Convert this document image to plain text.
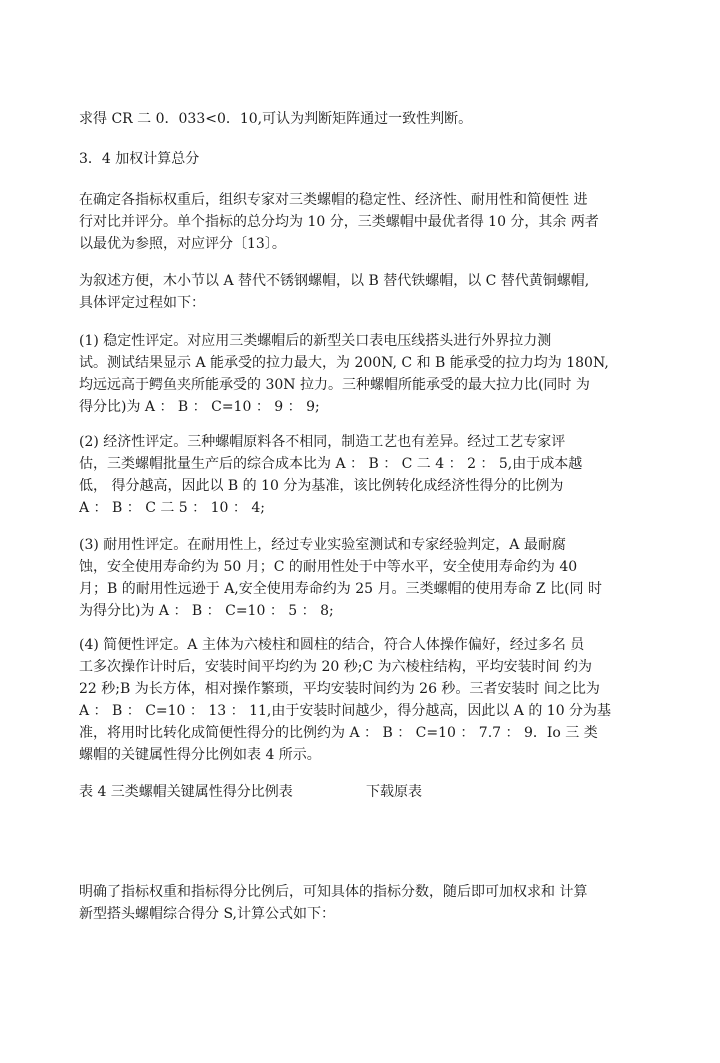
求得 CR 二 0．033<0．10,可认为判断矩阵通过一致性判断。

3．4 加权计算总分

在确定各指标权重后，组织专家对三类螺帽的稳定性、经济性、耐用性和简便性 进
行对比并评分。单个指标的总分均为 10 分，三类螺帽中最优者得 10 分，其余 两者
以最优为参照，对应评分〔13〕。

为叙述方便，木小节以 A 替代不锈钢螺帽，以 B 替代铁螺帽，以 C 替代黄铜螺帽,
具体评定过程如下：

(1) 稳定性评定。对应用三类螺帽后的新型关口表电压线搭头进行外界拉力测
试。测试结果显示 A 能承受的拉力最大，为 200N, C 和 B 能承受的拉力均为 180N,
均远远高于鳄鱼夹所能承受的 30N 拉力。三种螺帽所能承受的最大拉力比(同时 为
得分比)为 A ： B ： C=10 ： 9 ： 9;

(2) 经济性评定。三种螺帽原料各不相同，制造工艺也有差异。经过工艺专家评
估，三类螺帽批量生产后的综合成本比为 A ： B ： C 二 4 ： 2 ： 5,由于成本越
低， 得分越高，因此以 B 的 10 分为基准，该比例转化成经济性得分的比例为
A ： B ： C 二 5 ： 10 ： 4;

(3) 耐用性评定。在耐用性上，经过专业实验室测试和专家经验判定，A 最耐腐
蚀，安全使用寿命约为 50 月；C 的耐用性处于中等水平，安全使用寿命约为 40
月；B 的耐用性远逊于 A,安全使用寿命约为 25 月。三类螺帽的使用寿命 Z 比(同 时
为得分比)为 A ： B ： C=10 ： 5 ： 8;

(4) 简便性评定。A 主体为六棱柱和圆柱的结合，符合人体操作偏好，经过多名 员
工多次操作计时后，安装时间平均约为 20 秒;C 为六棱柱结构，平均安装时间 约为
22 秒;B 为长方体，相对操作繁琐，平均安装时间约为 26 秒。三者安装时 间之比为
A ： B ： C=10 ： 13 ： 11,由于安装时间越少，得分越高，因此以 A 的 10 分为基
准，将用时比转化成简便性得分的比例约为 A ： B ： C=10 ： 7.7 ： 9．Io 三 类
螺帽的关键属性得分比例如表 4 所示。

表 4 三类螺帽关键属性得分比例表	下载原表

明确了指标权重和指标得分比例后，可知具体的指标分数，随后即可加权求和 计算
新型搭头螺帽综合得分 S,计算公式如下：
